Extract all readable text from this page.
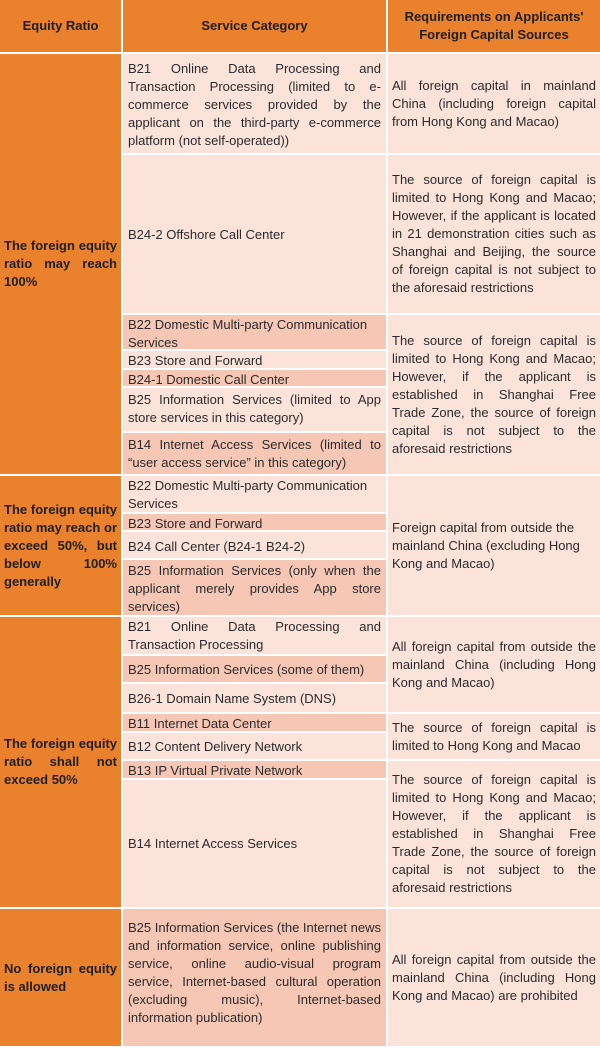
Equity Ratio	Service Category
Requirements on Applicants' Foreign Capital Sources
The foreign equity ratio may reach 100%
The foreign equity ratio may reach or exceed 50%, but below 100% generally
The foreign equity ratio shall not exceed 50%
No foreign equity is allowed
B21 Online Data Processing and Transaction Processing (limited to e-commerce services provided by the applicant on the third-party e-commerce platform (not self-operated))
B24-2 Offshore Call Center
B22 Domestic Multi-party Communication Services
B23 Store and Forward
B24-1 Domestic Call Center
B25 Information Services (limited to App store services in this category)
B14 Internet Access Services (limited to “user access service” in this category)
B22 Domestic Multi-party Communication Services
B23 Store and Forward
B24 Call Center (B24-1 B24-2)
B25 Information Services (only when the applicant merely provides App store services)
B21 Online Data Processing and Transaction Processing
B25 Information Services (some of them)
B26-1 Domain Name System (DNS)
B11 Internet Data Center
B12 Content Delivery Network
B13 IP Virtual Private Network
B14 Internet Access Services
B25 Information Services (the Internet news and information service, online publishing service, online audio-visual program service, Internet-based cultural operation (excluding music), Internet-based information publication)
All foreign capital in mainland China (including foreign capital from Hong Kong and Macao)
The source of foreign capital is limited to Hong Kong and Macao; However, if the applicant is located in 21 demonstration cities such as Shanghai and Beijing, the source of foreign capital is not subject to the aforesaid restrictions
The source of foreign capital is limited to Hong Kong and Macao; However, if the applicant is established in Shanghai Free Trade Zone, the source of foreign capital is not subject to the aforesaid restrictions
Foreign capital from outside the mainland China (excluding Hong Kong and Macao)
All foreign capital from outside the mainland China (including Hong Kong and Macao)
The source of foreign capital is limited to Hong Kong and Macao
The source of foreign capital is limited to Hong Kong and Macao; However, if the applicant is established in Shanghai Free Trade Zone, the source of foreign capital is not subject to the aforesaid restrictions
All foreign capital from outside the mainland China (including Hong Kong and Macao) are prohibited
